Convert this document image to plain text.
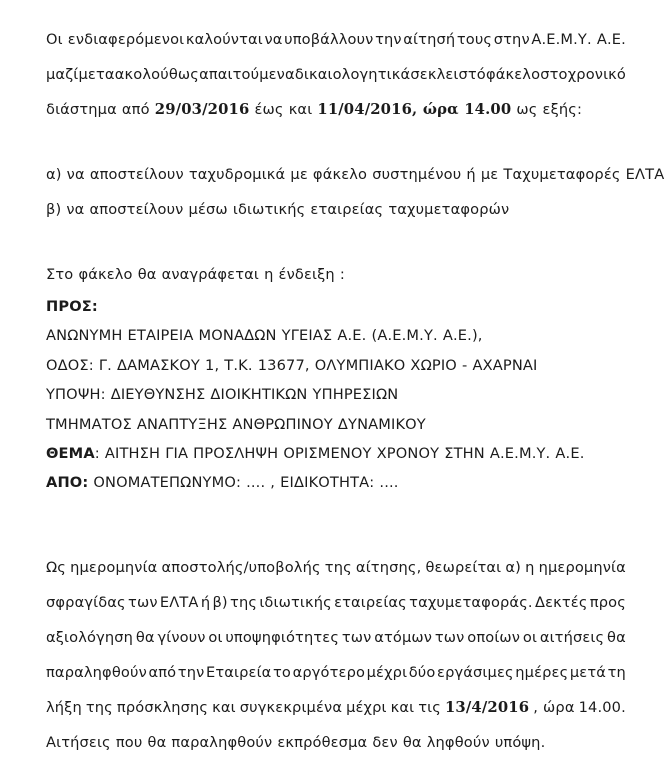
Οι ενδιαφερόμενοι καλούνται να υποβάλλουν την αίτησή τους στην Α.Ε.Μ.Υ. Α.Ε.
μαζί με τα ακολούθως απαιτούμενα δικαιολογητικά σε κλειστό φάκελο στο χρονικό
διάστημα από 29/03/2016 έως και 11/04/2016, ώρα 14.00 ως εξής:
α) να αποστείλουν ταχυδρομικά με φάκελο συστημένου ή με Ταχυμεταφορές ΕΛΤΑ
β) να αποστείλουν μέσω ιδιωτικής εταιρείας ταχυμεταφορών
Στο φάκελο θα αναγράφεται η ένδειξη :
ΠΡΟΣ:
ΑΝΩΝΥΜΗ ΕΤΑΙΡΕΙΑ ΜΟΝΑΔΩΝ ΥΓΕΙΑΣ Α.Ε. (Α.Ε.Μ.Υ. Α.Ε.),
ΟΔΟΣ: Γ. ΔΑΜΑΣΚΟΥ 1, Τ.Κ. 13677, ΟΛΥΜΠΙΑΚΟ ΧΩΡΙΟ - ΑΧΑΡΝΑΙ
ΥΠΟΨΗ: ΔΙΕΥΘΥΝΣΗΣ ΔΙΟΙΚΗΤΙΚΩΝ ΥΠΗΡΕΣΙΩΝ
ΤΜΗΜΑΤΟΣ ΑΝΑΠΤΥΞΗΣ ΑΝΘΡΩΠΙΝΟΥ ΔΥΝΑΜΙΚΟΥ
ΘΕΜΑ: ΑΙΤΗΣΗ ΓΙΑ ΠΡΟΣΛΗΨΗ ΟΡΙΣΜΕΝΟΥ ΧΡΟΝΟΥ ΣΤΗΝ Α.Ε.Μ.Υ. Α.Ε.
ΑΠΟ: ΟΝΟΜΑΤΕΠΩΝΥΜΟ: .... , ΕΙΔΙΚΟΤΗΤΑ: ....
Ως ημερομηνία αποστολής/υποβολής της αίτησης, θεωρείται α) η ημερομηνία
σφραγίδας των ΕΛΤΑ ή β) της ιδιωτικής εταιρείας ταχυμεταφοράς. Δεκτές προς
αξιολόγηση θα γίνουν οι υποψηφιότητες των ατόμων των οποίων οι αιτήσεις θα
παραληφθούν από την Εταιρεία το αργότερο μέχρι δύο εργάσιμες ημέρες μετά τη
λήξη της πρόσκλησης και συγκεκριμένα μέχρι και τις 13/4/2016 , ώρα 14.00.
Αιτήσεις που θα παραληφθούν εκπρόθεσμα δεν θα ληφθούν υπόψη.
